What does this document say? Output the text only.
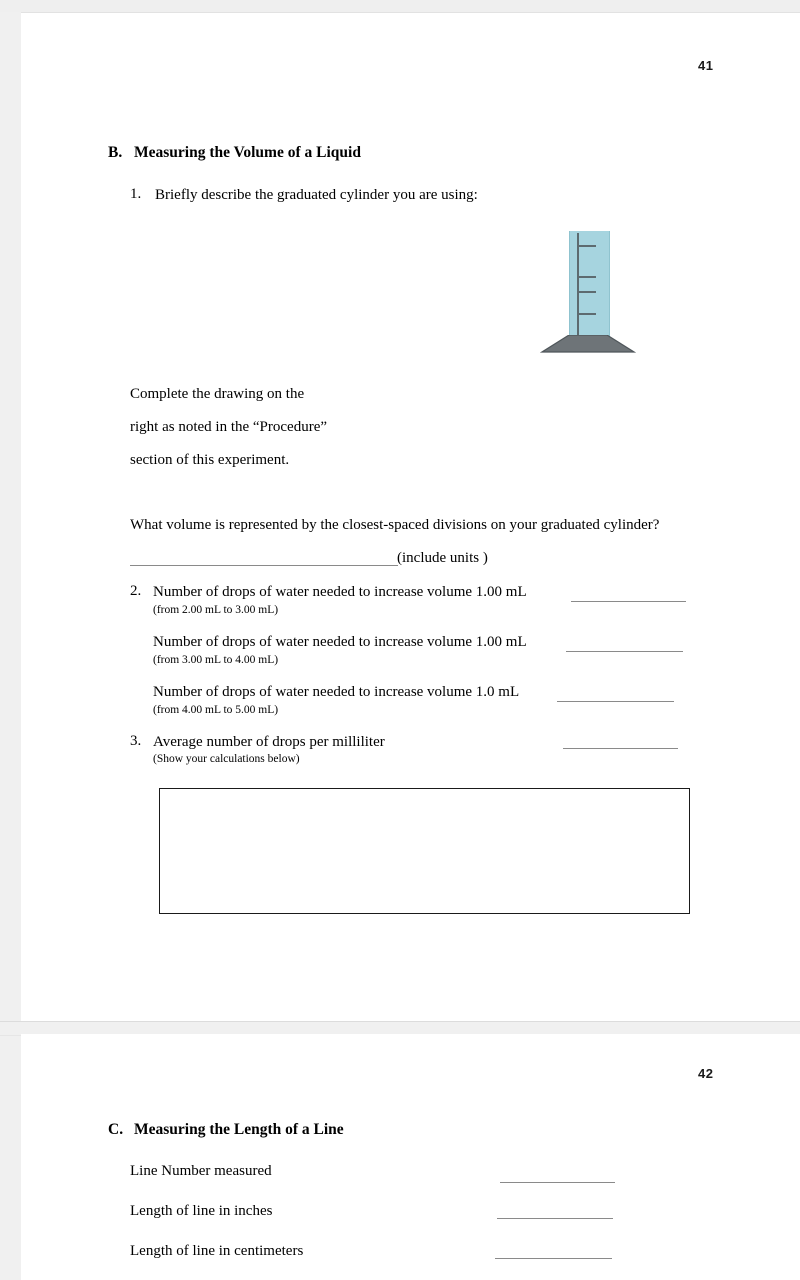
41
B. Measuring the Volume of a Liquid
1. Briefly describe the graduated cylinder you are using:
Complete the drawing on the
right as noted in the “Procedure”
section of this experiment.
What volume is represented by the closest-spaced divisions on your graduated cylinder?
(include units )
2. Number of drops of water needed to increase volume 1.00 mL
(from 2.00 mL to 3.00 mL)
Number of drops of water needed to increase volume 1.00 mL
(from 3.00 mL to 4.00 mL)
Number of drops of water needed to increase volume 1.0 mL
(from 4.00 mL to 5.00 mL)
3. Average number of drops per milliliter
(Show your calculations below)
42
C. Measuring the Length of a Line
Line Number measured
Length of line in inches
Length of line in centimeters
